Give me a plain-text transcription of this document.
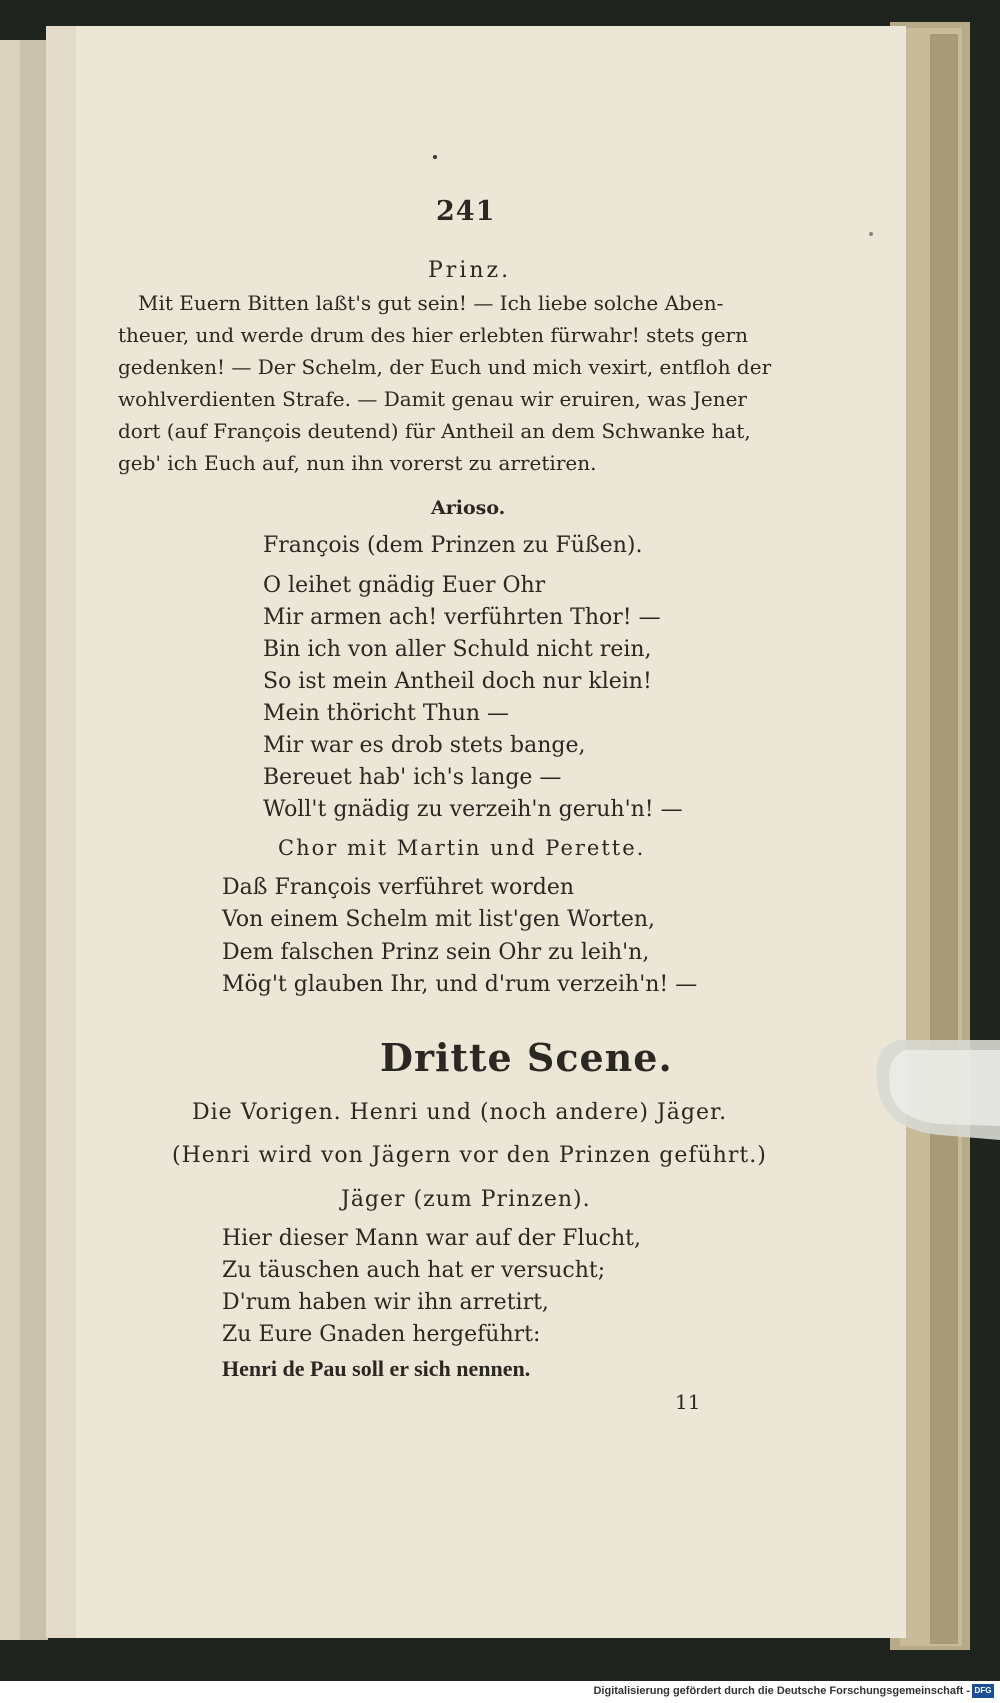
241
Prinz.
Mit Euern Bitten laßt's gut sein! — Ich liebe solche Aben-
theuer, und werde drum des hier erlebten fürwahr! stets gern
gedenken! — Der Schelm, der Euch und mich vexirt, entfloh der
wohlverdienten Strafe. — Damit genau wir eruiren, was Jener
dort (auf François deutend) für Antheil an dem Schwanke hat,
geb' ich Euch auf, nun ihn vorerst zu arretiren.
Arioso.
François (dem Prinzen zu Füßen).
O leihet gnädig Euer Ohr
Mir armen ach! verführten Thor! —
Bin ich von aller Schuld nicht rein,
So ist mein Antheil doch nur klein!
Mein thöricht Thun —
Mir war es drob stets bange,
Bereuet hab' ich's lange —
Woll't gnädig zu verzeih'n geruh'n! —
Chor mit Martin und Perette.
Daß François verführet worden
Von einem Schelm mit list'gen Worten,
Dem falschen Prinz sein Ohr zu leih'n,
Mög't glauben Ihr, und d'rum verzeih'n! —
Dritte Scene.
Die Vorigen. Henri und (noch andere) Jäger.
(Henri wird von Jägern vor den Prinzen geführt.)
Jäger (zum Prinzen).
Hier dieser Mann war auf der Flucht,
Zu täuschen auch hat er versucht;
D'rum haben wir ihn arretirt,
Zu Eure Gnaden hergeführt:
Henri de Pau soll er sich nennen.
11
Digitalisierung gefördert durch die Deutsche Forschungsgemeinschaft - DFG
